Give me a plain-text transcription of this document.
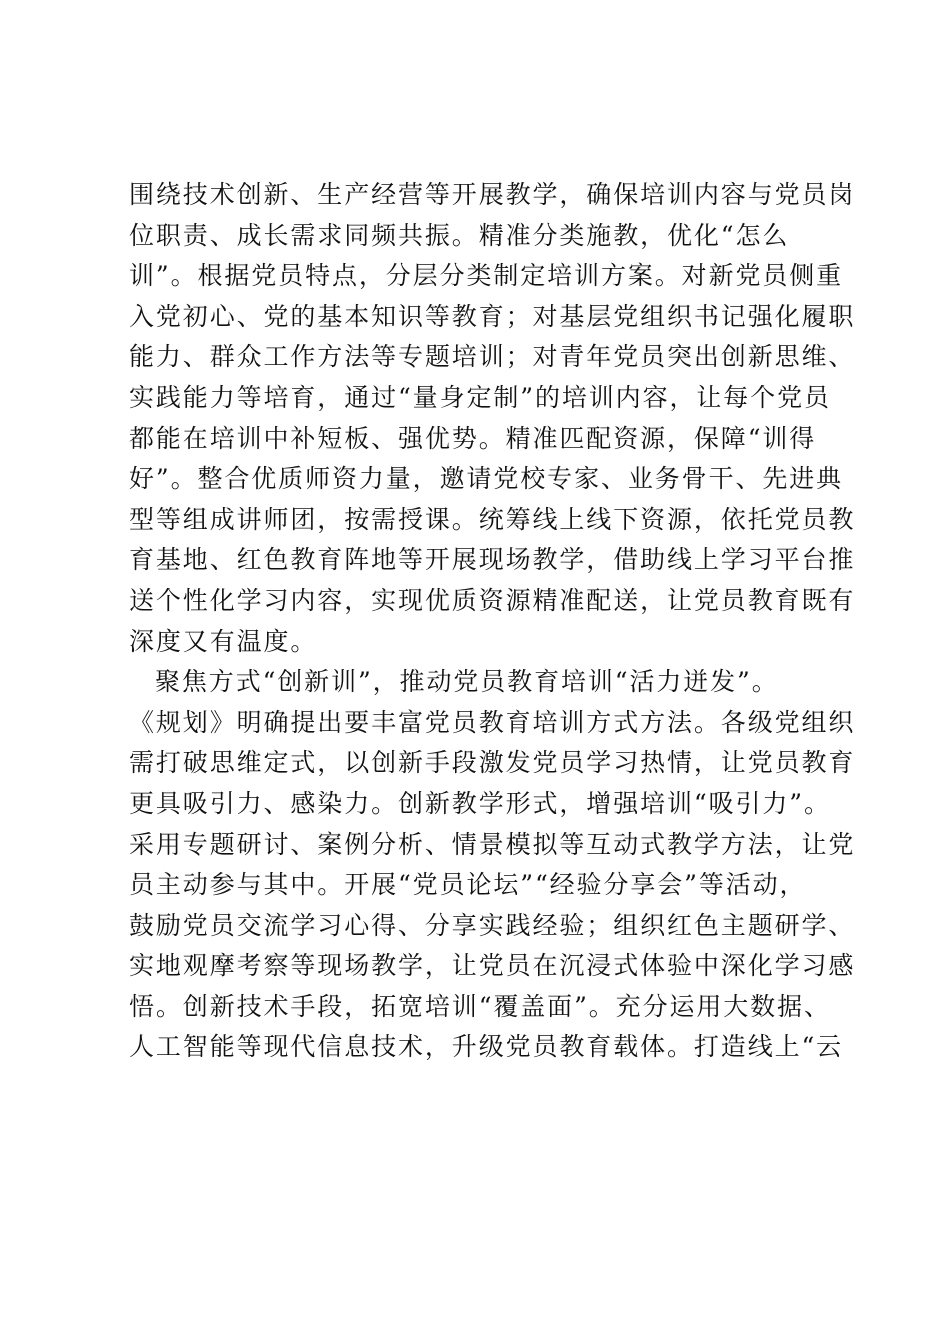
围绕技术创新、生产经营等开展教学，确保培训内容与党员岗
位职责、成长需求同频共振。精准分类施教，优化“怎么
训”。根据党员特点，分层分类制定培训方案。对新党员侧重
入党初心、党的基本知识等教育；对基层党组织书记强化履职
能力、群众工作方法等专题培训；对青年党员突出创新思维、
实践能力等培育，通过“量身定制”的培训内容，让每个党员
都能在培训中补短板、强优势。精准匹配资源，保障“训得
好”。整合优质师资力量，邀请党校专家、业务骨干、先进典
型等组成讲师团，按需授课。统筹线上线下资源，依托党员教
育基地、红色教育阵地等开展现场教学，借助线上学习平台推
送个性化学习内容，实现优质资源精准配送，让党员教育既有
深度又有温度。
聚焦方式“创新训”，推动党员教育培训“活力迸发”。
《规划》明确提出要丰富党员教育培训方式方法。各级党组织
需打破思维定式，以创新手段激发党员学习热情，让党员教育
更具吸引力、感染力。创新教学形式，增强培训“吸引力”。
采用专题研讨、案例分析、情景模拟等互动式教学方法，让党
员主动参与其中。开展“党员论坛”“经验分享会”等活动，
鼓励党员交流学习心得、分享实践经验；组织红色主题研学、
实地观摩考察等现场教学，让党员在沉浸式体验中深化学习感
悟。创新技术手段，拓宽培训“覆盖面”。充分运用大数据、
人工智能等现代信息技术，升级党员教育载体。打造线上“云
